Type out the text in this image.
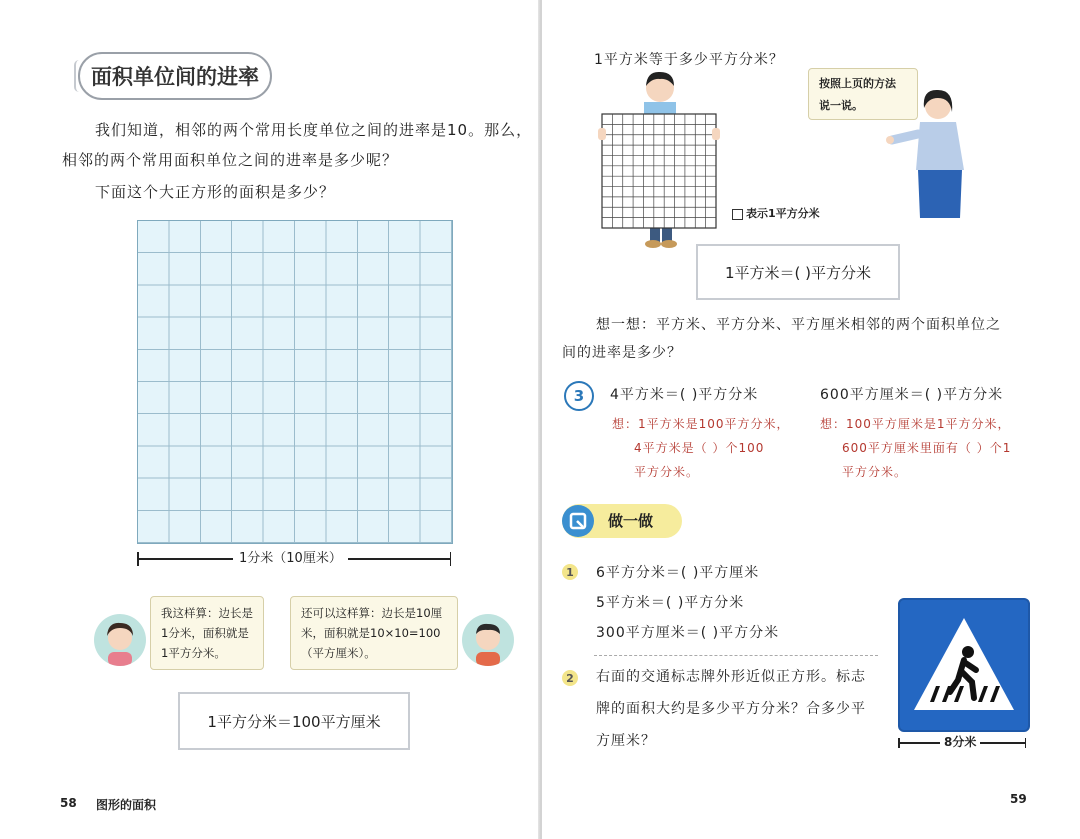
面积单位间的进率
我们知道，相邻的两个常用长度单位之间的进率是10。那么，
相邻的两个常用面积单位之间的进率是多少呢？
下面这个大正方形的面积是多少？
1分米（10厘米）
我这样算：边长是
1分米，面积就是
1平方分米。
还可以这样算：边长是10厘
米，面积就是10×10=100
（平方厘米）。
1平方分米＝100平方厘米
58 图形的面积
1平方米等于多少平方分米？
表示1平方分米
按照上页的方法
说一说。
1平方米＝( )平方分米
想一想：平方米、平方分米、平方厘米相邻的两个面积单位之
间的进率是多少？
3 4平方米＝( )平方分米
想：1平方米是100平方分米，
4平方米是（ ）个100
平方分米。
600平方厘米＝( )平方分米
想：100平方厘米是1平方分米，
600平方厘米里面有（ ）个1
平方分米。
做一做
1 6平方分米＝( )平方厘米
5平方米＝( )平方分米
300平方厘米＝( )平方分米
2 右面的交通标志牌外形近似正方形。标志
牌的面积大约是多少平方分米？合多少平
方厘米？	8分米
59
